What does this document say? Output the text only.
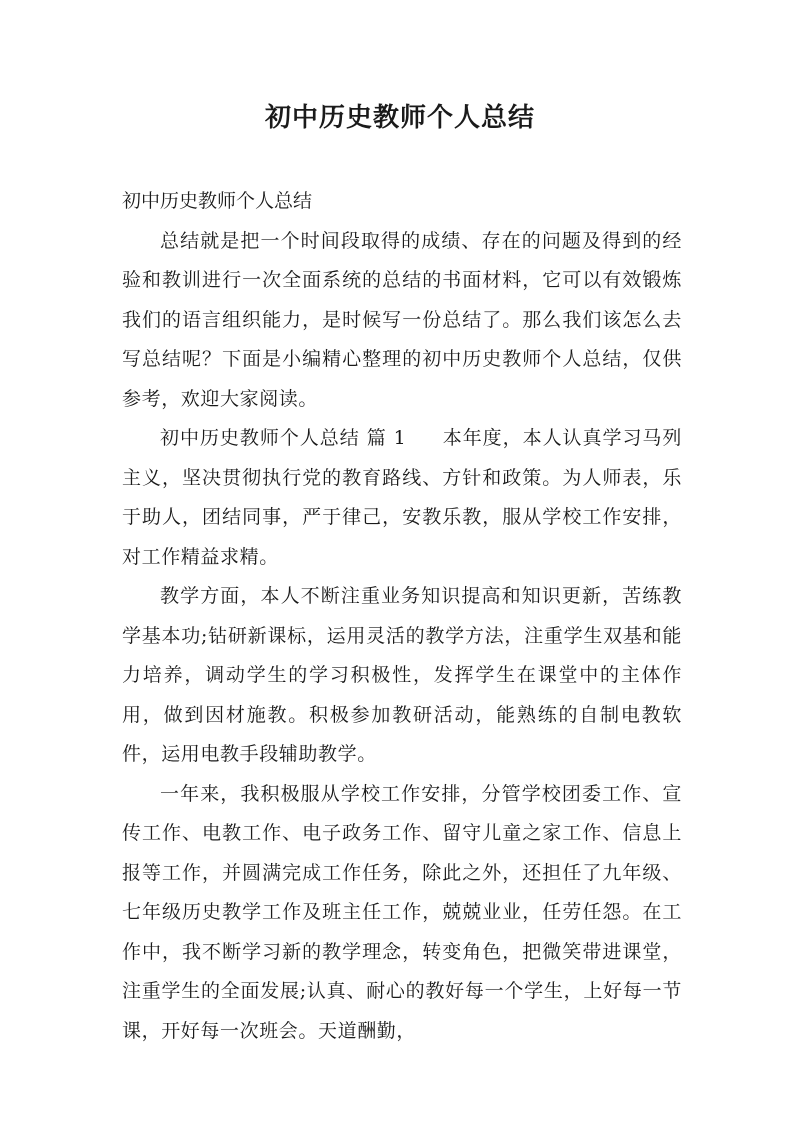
初中历史教师个人总结

初中历史教师个人总结

总结就是把一个时间段取得的成绩、存在的问题及得到的经验和教训进行一次全面系统的总结的书面材料，它可以有效锻炼我们的语言组织能力，是时候写一份总结了。那么我们该怎么去写总结呢？下面是小编精心整理的初中历史教师个人总结，仅供参考，欢迎大家阅读。

初中历史教师个人总结 篇 1 本年度，本人认真学习马列主义，坚决贯彻执行党的教育路线、方针和政策。为人师表，乐于助人，团结同事，严于律己，安教乐教，服从学校工作安排，对工作精益求精。

教学方面，本人不断注重业务知识提高和知识更新，苦练教学基本功;钻研新课标，运用灵活的教学方法，注重学生双基和能力培养，调动学生的学习积极性，发挥学生在课堂中的主体作用，做到因材施教。积极参加教研活动，能熟练的自制电教软件，运用电教手段辅助教学。

一年来，我积极服从学校工作安排，分管学校团委工作、宣传工作、电教工作、电子政务工作、留守儿童之家工作、信息上报等工作，并圆满完成工作任务，除此之外，还担任了九年级、七年级历史教学工作及班主任工作，兢兢业业，任劳任怨。在工作中，我不断学习新的教学理念，转变角色，把微笑带进课堂，注重学生的全面发展;认真、耐心的教好每一个学生，上好每一节课，开好每一次班会。天道酬勤，
